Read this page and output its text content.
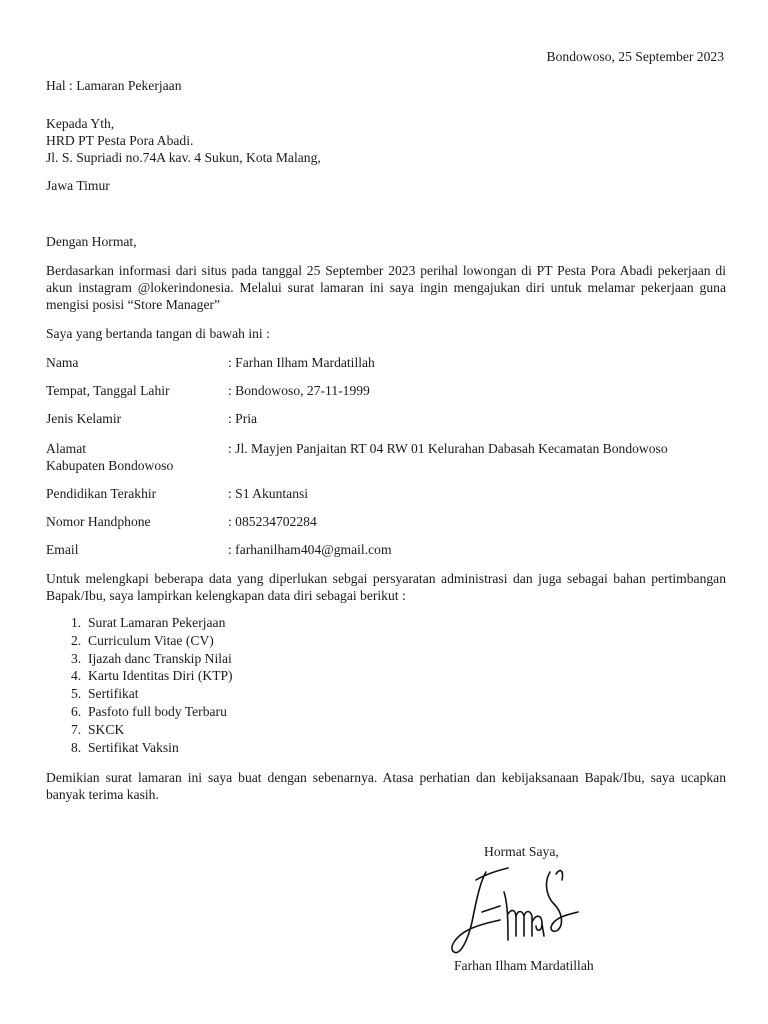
Bondowoso, 25 September 2023
Hal : Lamaran Pekerjaan
Kepada Yth,
HRD PT Pesta Pora Abadi.
Jl. S. Supriadi no.74A kav. 4 Sukun, Kota Malang,
Jawa Timur
Dengan Hormat,
Berdasarkan informasi dari situs pada tanggal 25 September 2023 perihal lowongan di PT Pesta Pora Abadi pekerjaan di akun instagram @lokerindonesia. Melalui surat lamaran ini saya ingin mengajukan diri untuk melamar pekerjaan guna mengisi posisi “Store Manager”
Saya yang bertanda tangan di bawah ini :
Nama	: Farhan Ilham Mardatillah
Tempat, Tanggal Lahir	: Bondowoso, 27-11-1999
Jenis Kelamir	: Pria
Alamat	: Jl. Mayjen Panjaitan RT 04 RW 01 Kelurahan Dabasah Kecamatan Bondowoso
Kabupaten Bondowoso
Pendidikan Terakhir	: S1 Akuntansi
Nomor Handphone	: 085234702284
Email	: farhanilham404@gmail.com
Untuk melengkapi beberapa data yang diperlukan sebgai persyaratan administrasi dan juga sebagai bahan pertimbangan Bapak/Ibu, saya lampirkan kelengkapan data diri sebagai berikut :
1. Surat Lamaran Pekerjaan
2. Curriculum Vitae (CV)
3. Ijazah danc Transkip Nilai
4. Kartu Identitas Diri (KTP)
5. Sertifikat
6. Pasfoto full body Terbaru
7. SKCK
8. Sertifikat Vaksin
Demikian surat lamaran ini saya buat dengan sebenarnya. Atasa perhatian dan kebijaksanaan Bapak/Ibu, saya ucapkan banyak terima kasih.
Hormat Saya,
Farhan Ilham Mardatillah
